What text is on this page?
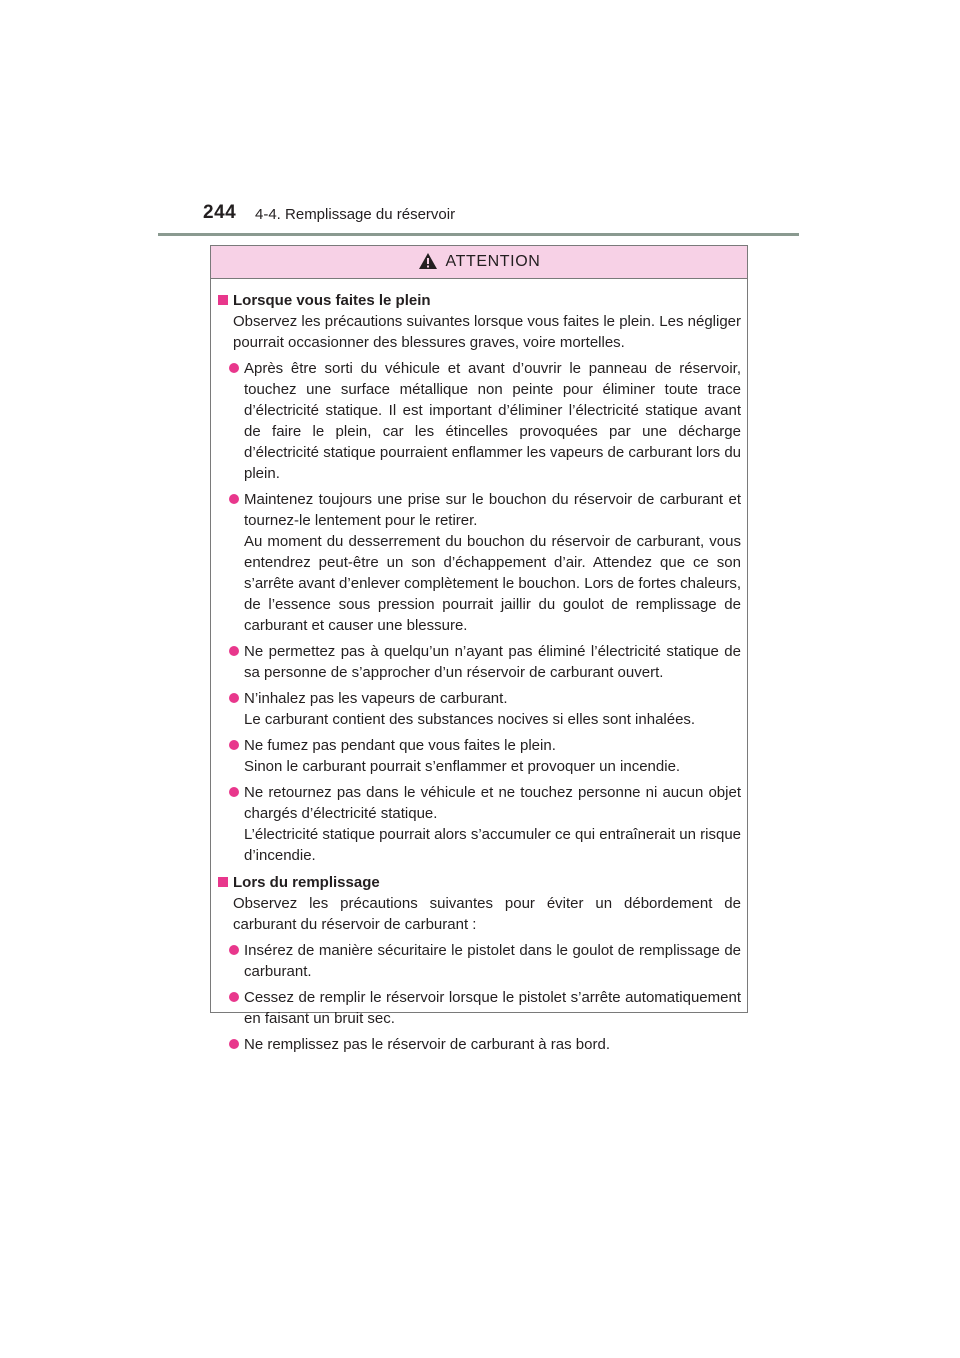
244 4-4. Remplissage du réservoir
ATTENTION
Lorsque vous faites le plein
Observez les précautions suivantes lorsque vous faites le plein. Les négliger pourrait occasionner des blessures graves, voire mortelles.

Après être sorti du véhicule et avant d’ouvrir le panneau de réservoir, touchez une surface métallique non peinte pour éliminer toute trace d’électricité statique. Il est important d’éliminer l’électricité statique avant de faire le plein, car les étincelles provoquées par une décharge d’électricité statique pourraient enflammer les vapeurs de carburant lors du plein.

Maintenez toujours une prise sur le bouchon du réservoir de carburant et tournez-le lentement pour le retirer.

Au moment du desserrement du bouchon du réservoir de carburant, vous entendrez peut-être un son d’échappement d’air. Attendez que ce son s’arrête avant d’enlever complètement le bouchon. Lors de fortes chaleurs, de l’essence sous pression pourrait jaillir du goulot de remplissage de carburant et causer une blessure.

Ne permettez pas à quelqu’un n’ayant pas éliminé l’électricité statique de sa personne de s’approcher d’un réservoir de carburant ouvert.

N’inhalez pas les vapeurs de carburant.

Le carburant contient des substances nocives si elles sont inhalées.

Ne fumez pas pendant que vous faites le plein.

Sinon le carburant pourrait s’enflammer et provoquer un incendie.

Ne retournez pas dans le véhicule et ne touchez personne ni aucun objet chargés d’électricité statique.

L’électricité statique pourrait alors s’accumuler ce qui entraînerait un risque d’incendie.

Lors du remplissage
Observez les précautions suivantes pour éviter un débordement de carburant du réservoir de carburant :

Insérez de manière sécuritaire le pistolet dans le goulot de remplissage de carburant.

Cessez de remplir le réservoir lorsque le pistolet s’arrête automatiquement en faisant un bruit sec.

Ne remplissez pas le réservoir de carburant à ras bord.
